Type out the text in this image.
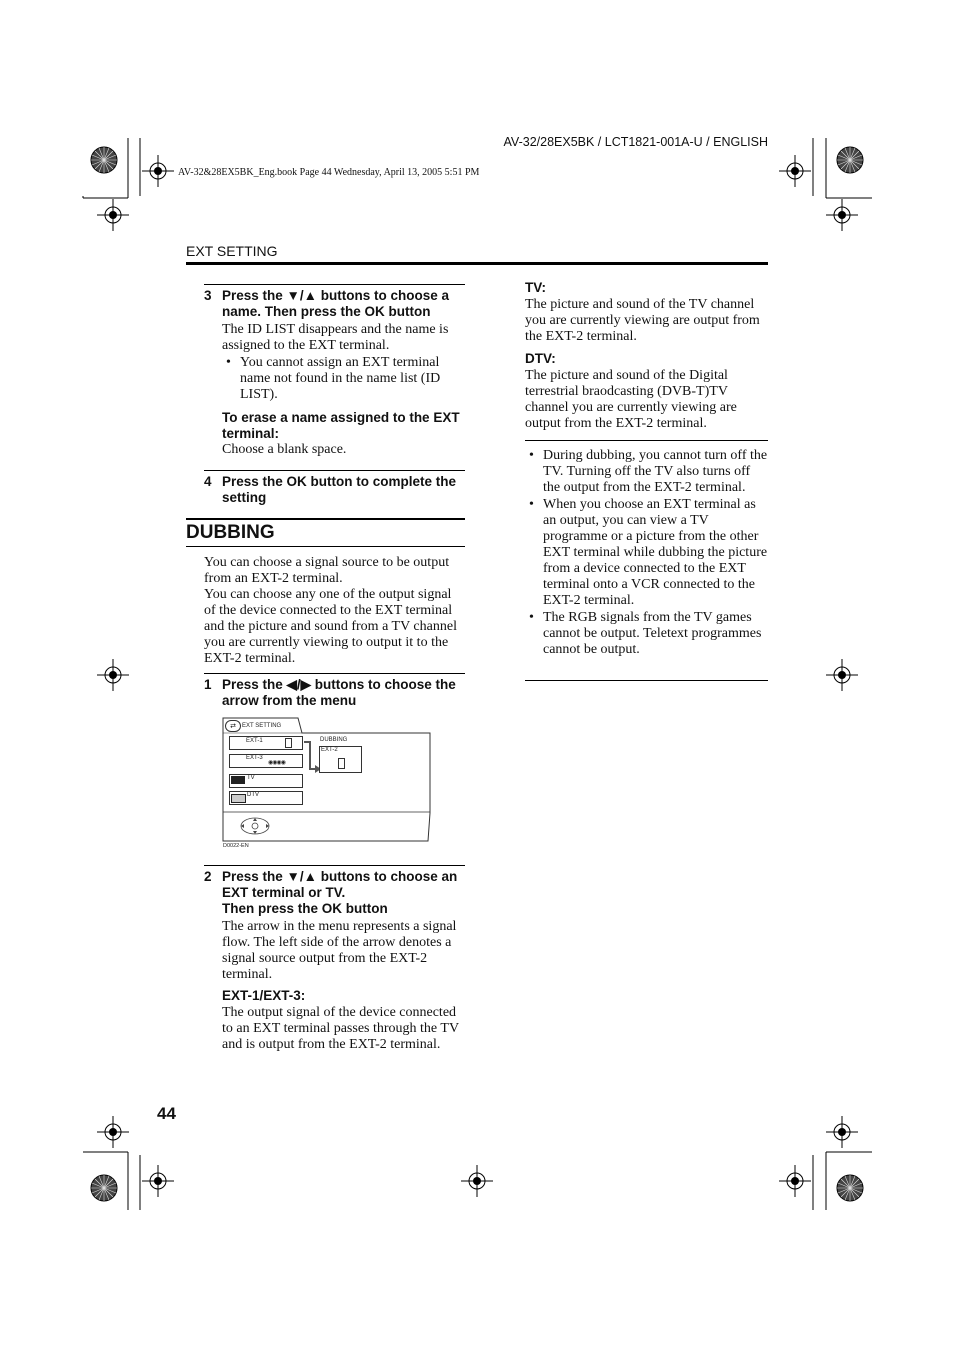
AV-32/28EX5BK / LCT1821-001A-U / ENGLISH
AV-32&28EX5BK_Eng.book Page 44 Wednesday, April 13, 2005 5:51 PM
EXT SETTING
3 Press the ▼/▲ buttons to choose a name. Then press the OK button
The ID LIST disappears and the name is assigned to the EXT terminal.
• You cannot assign an EXT terminal name not found in the name list (ID LIST).
To erase a name assigned to the EXT terminal:
Choose a blank space.
4 Press the OK button to complete the setting
DUBBING
You can choose a signal source to be output from an EXT-2 terminal.
You can choose any one of the output signal of the device connected to the EXT terminal and the picture and sound from a TV channel you are currently viewing to output it to the EXT-2 terminal.
1 Press the ◀/▶ buttons to choose the arrow from the menu
⇄	EXT SETTING
EXT-1
EXT-3
◉◉◉◉
TV
DTV
DUBBING
EXT-2
D0022-EN
2 Press the ▼/▲ buttons to choose an EXT terminal or TV.
Then press the OK button
The arrow in the menu represents a signal flow. The left side of the arrow denotes a signal source output from the EXT-2 terminal.
EXT-1/EXT-3:
The output signal of the device connected to an EXT terminal passes through the TV and is output from the EXT-2 terminal.
TV:
The picture and sound of the TV channel you are currently viewing are output from the EXT-2 terminal.
DTV:
The picture and sound of the Digital terrestrial braodcasting (DVB-T)TV channel you are currently viewing are output from the EXT-2 terminal.
• During dubbing, you cannot turn off the TV. Turning off the TV also turns off the output from the EXT-2 terminal.
• When you choose an EXT terminal as an output, you can view a TV programme or a picture from the other EXT terminal while dubbing the picture from a device connected to the EXT terminal onto a VCR connected to the EXT-2 terminal.
• The RGB signals from the TV games cannot be output. Teletext programmes cannot be output.
44
